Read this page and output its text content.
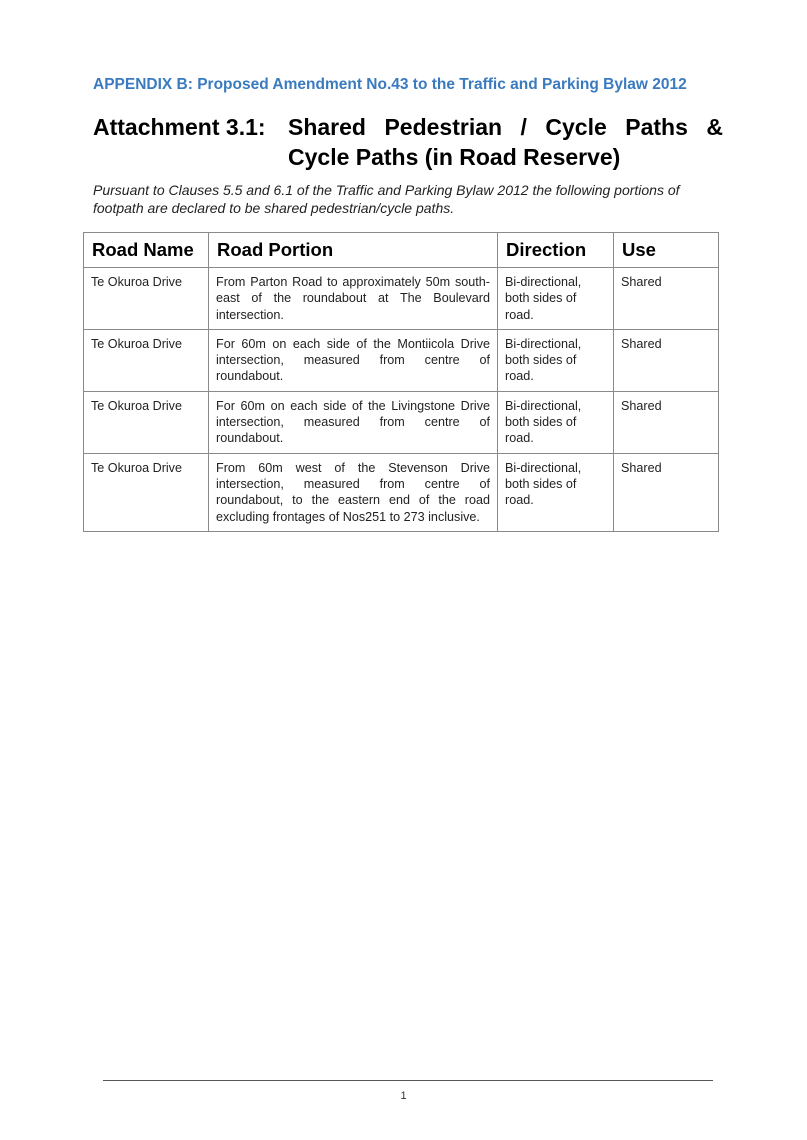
APPENDIX B: Proposed Amendment No.43 to the Traffic and Parking Bylaw 2012
Attachment 3.1: Shared Pedestrian / Cycle Paths &
Cycle Paths (in Road Reserve)
Pursuant to Clauses 5.5 and 6.1 of the Traffic and Parking Bylaw 2012 the following portions of footpath are declared to be shared pedestrian/cycle paths.
Road Name	Road Portion	Direction	Use
Te Okuroa Drive	From Parton Road to approximately 50m south-east of the roundabout at The Boulevard intersection.	Bi-directional, both sides of road.	Shared
Te Okuroa Drive	For 60m on each side of the Montiicola Drive intersection, measured from centre of roundabout.	Bi-directional, both sides of road.	Shared
Te Okuroa Drive	For 60m on each side of the Livingstone Drive intersection, measured from centre of roundabout.	Bi-directional, both sides of road.	Shared
Te Okuroa Drive	From 60m west of the Stevenson Drive intersection, measured from centre of roundabout, to the eastern end of the road excluding frontages of Nos251 to 273 inclusive.	Bi-directional, both sides of road.	Shared
1
